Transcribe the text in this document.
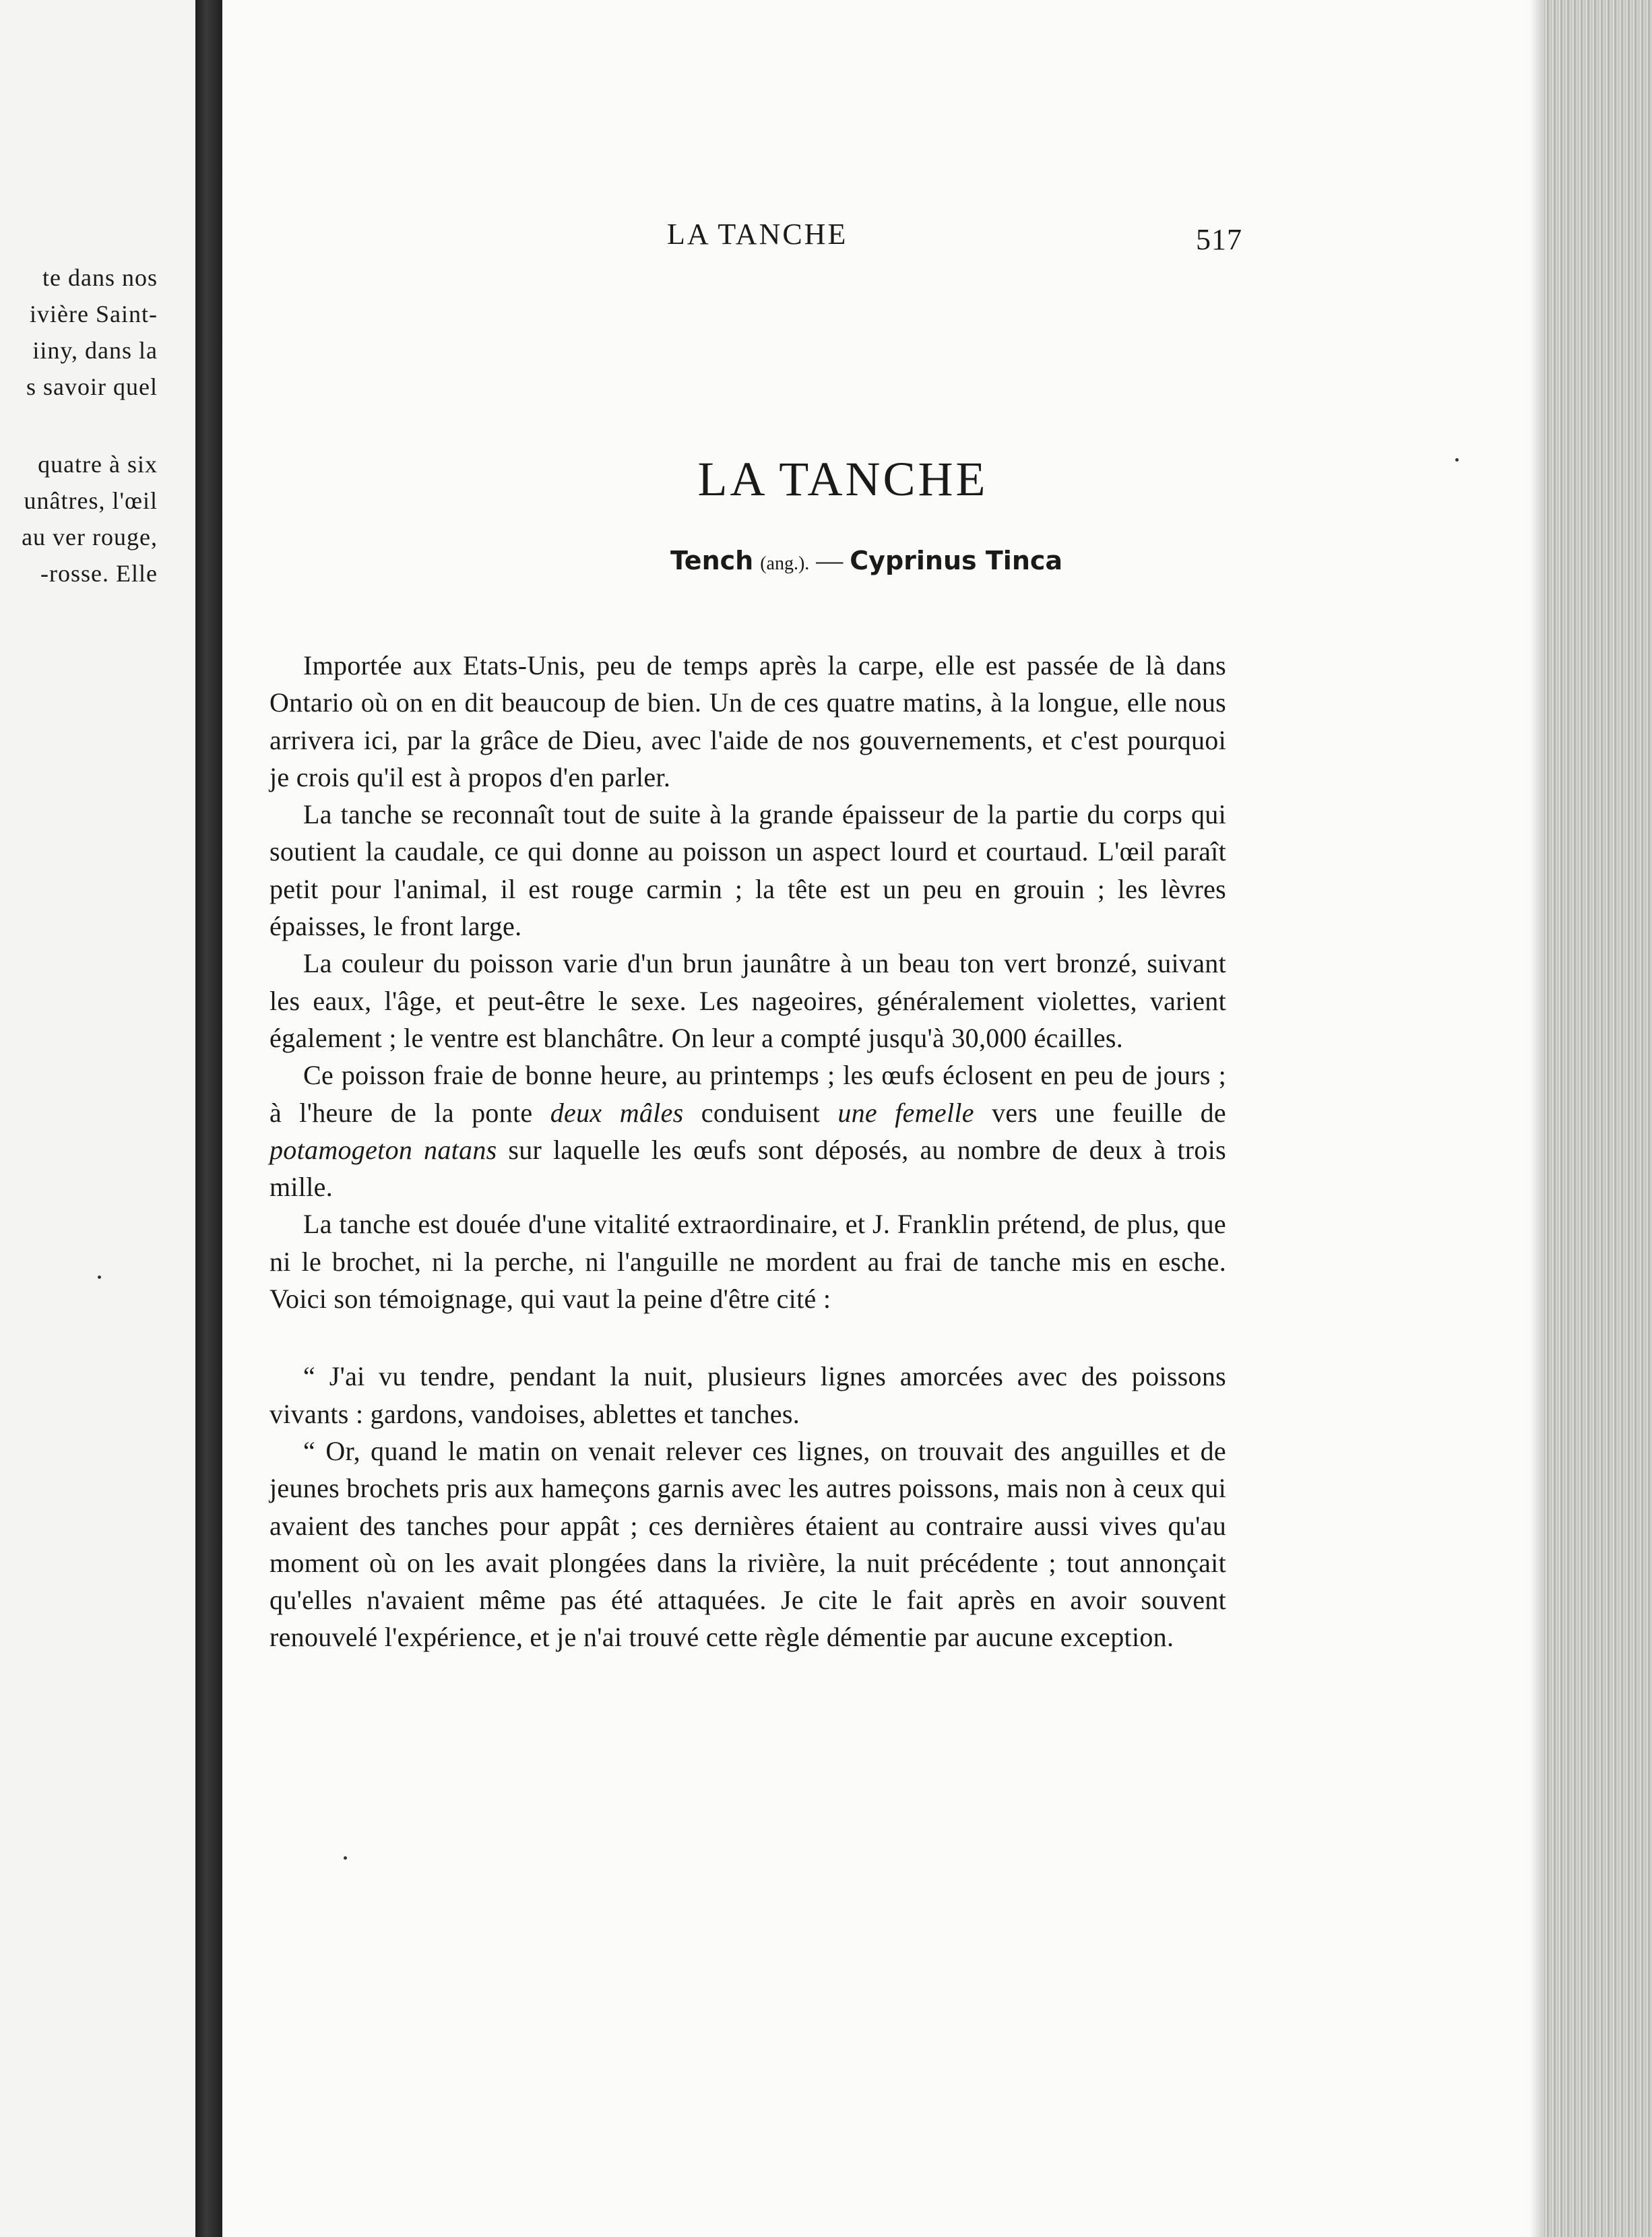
te dans nos
ivière Saint-
iiny, dans la
s savoir quel
quatre à six
unâtres, l'œil
au ver rouge,
-rosse. Elle
LA TANCHE	517
LA TANCHE
Tench (ang.). — Cyprinus Tinca

Importée aux Etats-Unis, peu de temps après la carpe, elle est passée de là dans Ontario où on en dit beaucoup de bien. Un de ces quatre matins, à la longue, elle nous arrivera ici, par la grâce de Dieu, avec l'aide de nos gouvernements, et c'est pourquoi je crois qu'il est à propos d'en parler.

La tanche se reconnaît tout de suite à la grande épaisseur de la partie du corps qui soutient la caudale, ce qui donne au poisson un aspect lourd et courtaud. L'œil paraît petit pour l'animal, il est rouge carmin ; la tête est un peu en grouin ; les lèvres épaisses, le front large.

La couleur du poisson varie d'un brun jaunâtre à un beau ton vert bronzé, suivant les eaux, l'âge, et peut-être le sexe. Les nageoires, généralement violettes, varient également ; le ventre est blanchâtre. On leur a compté jusqu'à 30,000 écailles.

Ce poisson fraie de bonne heure, au printemps ; les œufs éclosent en peu de jours ; à l'heure de la ponte deux mâles conduisent une femelle vers une feuille de potamogeton natans sur laquelle les œufs sont déposés, au nombre de deux à trois mille.

La tanche est douée d'une vitalité extraordinaire, et J. Franklin prétend, de plus, que ni le brochet, ni la perche, ni l'anguille ne mordent au frai de tanche mis en esche. Voici son témoignage, qui vaut la peine d'être cité :

“ J'ai vu tendre, pendant la nuit, plusieurs lignes amorcées avec des poissons vivants : gardons, vandoises, ablettes et tanches.

“ Or, quand le matin on venait relever ces lignes, on trouvait des anguilles et de jeunes brochets pris aux hameçons garnis avec les autres poissons, mais non à ceux qui avaient des tanches pour appât ; ces dernières étaient au contraire aussi vives qu'au moment où on les avait plongées dans la rivière, la nuit précédente ; tout annonçait qu'elles n'avaient même pas été attaquées. Je cite le fait après en avoir souvent renouvelé l'expérience, et je n'ai trouvé cette règle démentie par aucune exception.
